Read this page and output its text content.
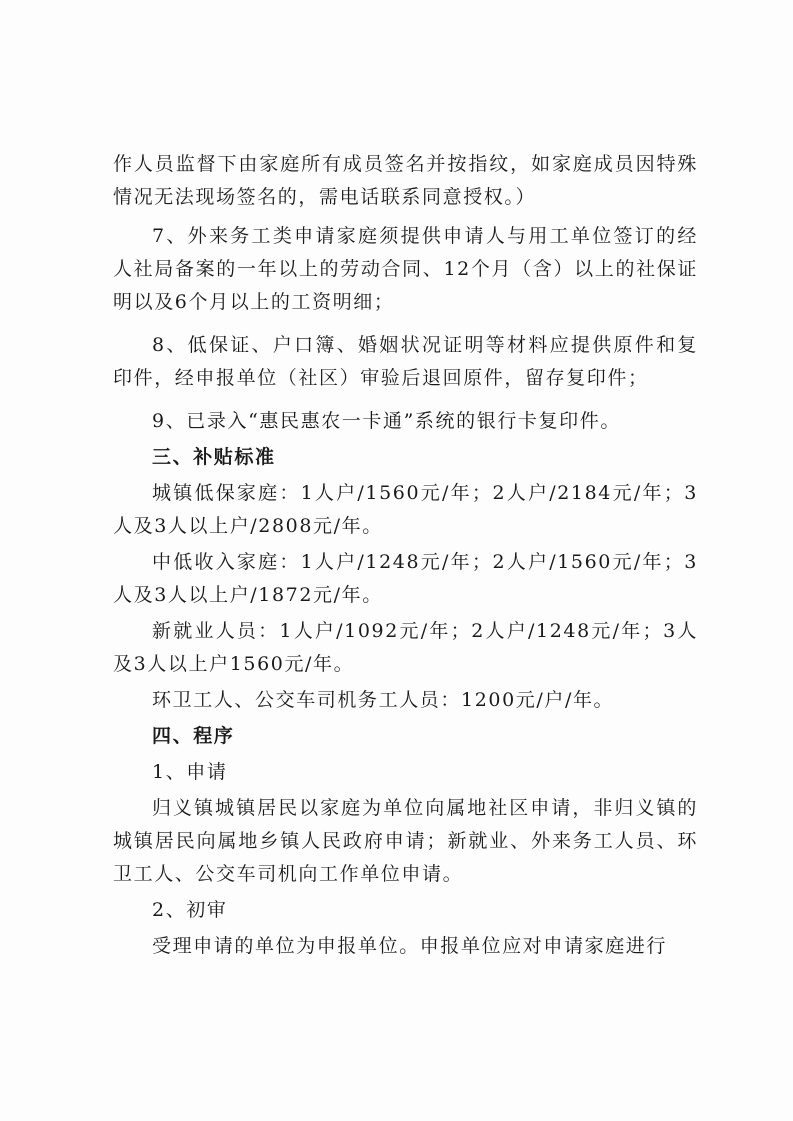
作人员监督下由家庭所有成员签名并按指纹，如家庭成员因特殊情况无法现场签名的，需电话联系同意授权。）

7、外来务工类申请家庭须提供申请人与用工单位签订的经人社局备案的一年以上的劳动合同、12个月（含）以上的社保证明以及6个月以上的工资明细；

8、低保证、户口簿、婚姻状况证明等材料应提供原件和复印件，经申报单位（社区）审验后退回原件，留存复印件；

9、已录入“惠民惠农一卡通”系统的银行卡复印件。

三、补贴标准

城镇低保家庭：1人户/1560元/年；2人户/2184元/年；3人及3人以上户/2808元/年。

中低收入家庭：1人户/1248元/年；2人户/1560元/年；3人及3人以上户/1872元/年。

新就业人员：1人户/1092元/年；2人户/1248元/年；3人及3人以上户1560元/年。

环卫工人、公交车司机务工人员：1200元/户/年。

四、程序

1、申请

归义镇城镇居民以家庭为单位向属地社区申请，非归义镇的城镇居民向属地乡镇人民政府申请；新就业、外来务工人员、环卫工人、公交车司机向工作单位申请。

2、初审

受理申请的单位为申报单位。申报单位应对申请家庭进行
